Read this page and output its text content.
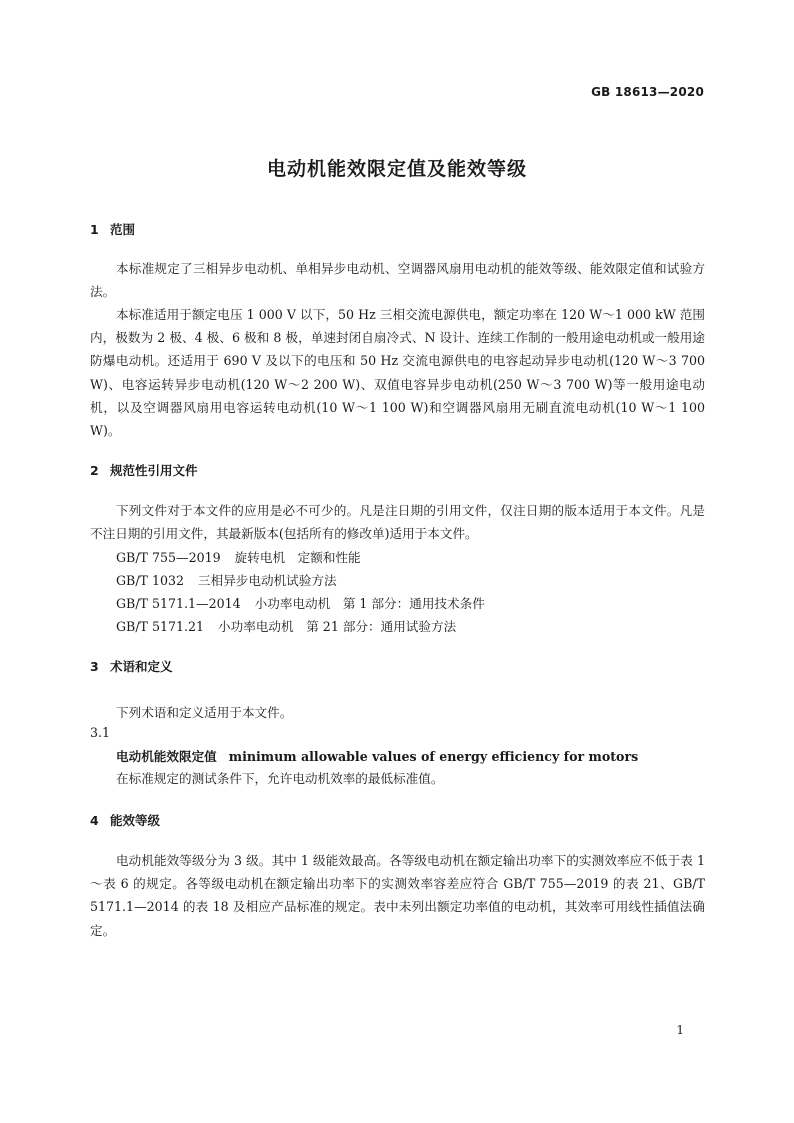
GB 18613—2020
电动机能效限定值及能效等级
1 范围

本标准规定了三相异步电动机、单相异步电动机、空调器风扇用电动机的能效等级、能效限定值和试验方法。

本标准适用于额定电压 1 000 V 以下，50 Hz 三相交流电源供电，额定功率在 120 W～1 000 kW 范围内，极数为 2 极、4 极、6 极和 8 极，单速封闭自扇冷式、N 设计、连续工作制的一般用途电动机或一般用途防爆电动机。还适用于 690 V 及以下的电压和 50 Hz 交流电源供电的电容起动异步电动机(120 W～3 700 W)、电容运转异步电动机(120 W～2 200 W)、双值电容异步电动机(250 W～3 700 W)等一般用途电动机，以及空调器风扇用电容运转电动机(10 W～1 100 W)和空调器风扇用无刷直流电动机(10 W～1 100 W)。

2 规范性引用文件

下列文件对于本文件的应用是必不可少的。凡是注日期的引用文件，仅注日期的版本适用于本文件。凡是不注日期的引用文件，其最新版本(包括所有的修改单)适用于本文件。

GB/T 755—2019 旋转电机　定额和性能
GB/T 1032 三相异步电动机试验方法
GB/T 5171.1—2014 小功率电动机　第 1 部分：通用技术条件
GB/T 5171.21 小功率电动机　第 21 部分：通用试验方法
3 术语和定义
下列术语和定义适用于本文件。
3.1
电动机能效限定值 minimum allowable values of energy efficiency for motors
在标准规定的测试条件下，允许电动机效率的最低标准值。
4 能效等级

电动机能效等级分为 3 级。其中 1 级能效最高。各等级电动机在额定输出功率下的实测效率应不低于表 1～表 6 的规定。各等级电动机在额定输出功率下的实测效率容差应符合 GB/T 755—2019 的表 21、GB/T 5171.1—2014 的表 18 及相应产品标准的规定。表中未列出额定功率值的电动机，其效率可用线性插值法确定。

1
